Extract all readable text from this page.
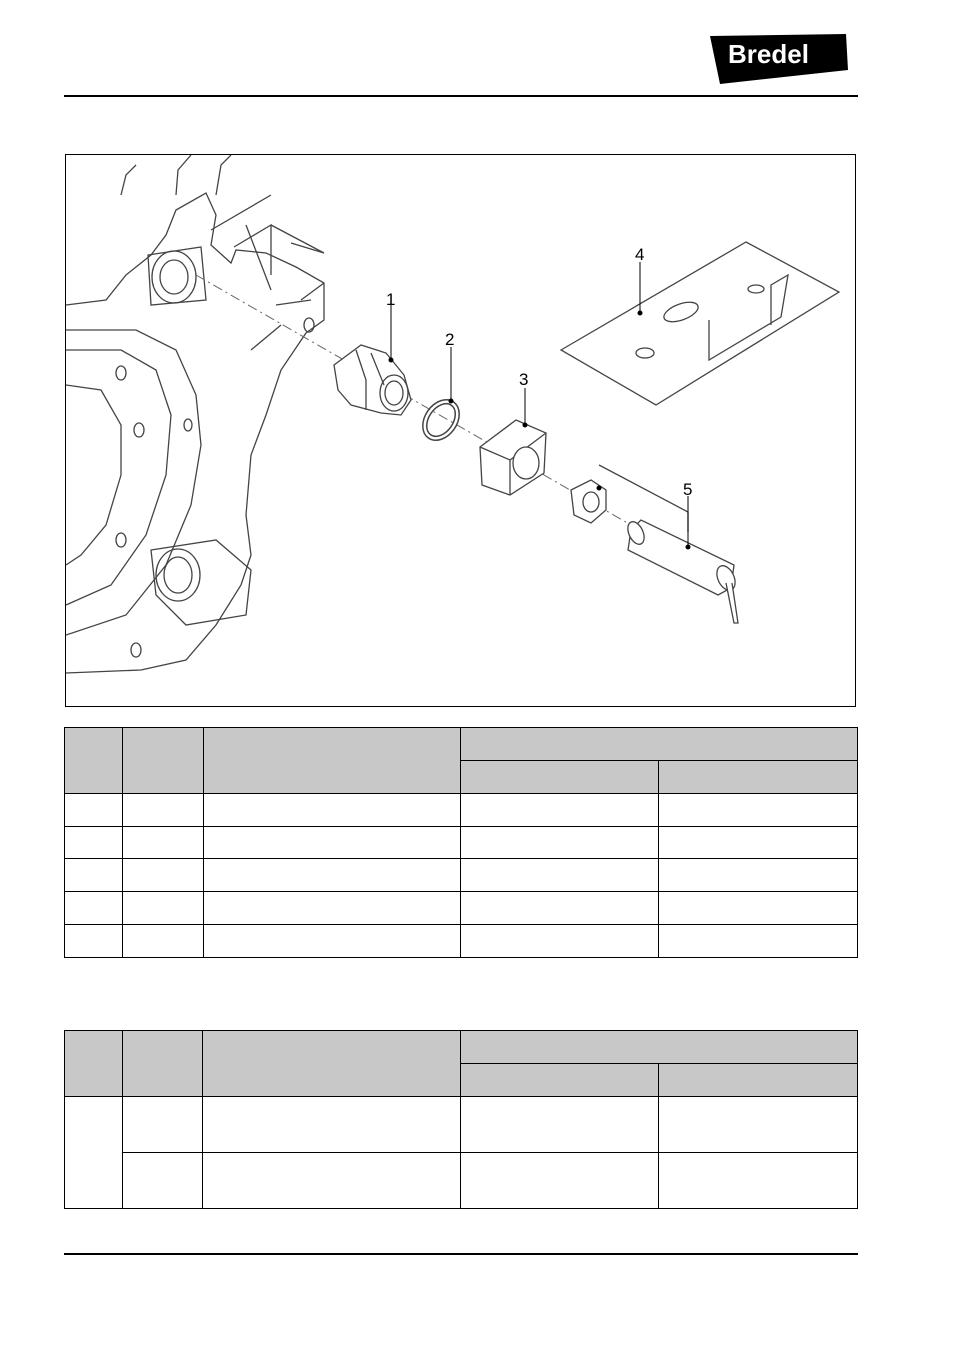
Bredel
1
2
3
4
5
